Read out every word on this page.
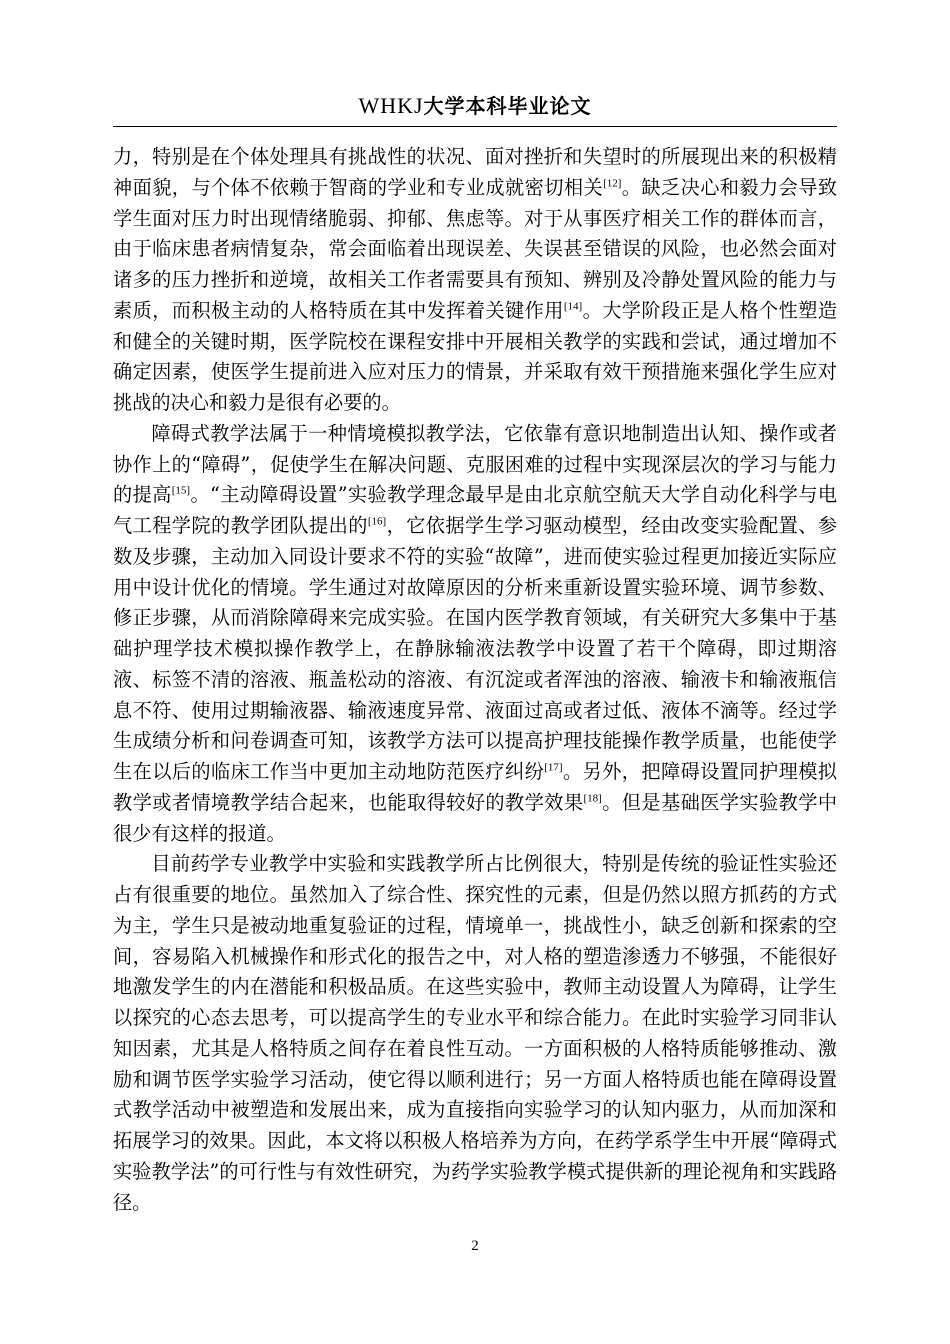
WHKJ大学本科毕业论文

力，特别是在个体处理具有挑战性的状况、面对挫折和失望时的所展现出来的积极精神面貌，与个体不依赖于智商的学业和专业成就密切相关[12]。缺乏决心和毅力会导致学生面对压力时出现情绪脆弱、抑郁、焦虑等。对于从事医疗相关工作的群体而言，由于临床患者病情复杂，常会面临着出现误差、失误甚至错误的风险，也必然会面对诸多的压力挫折和逆境，故相关工作者需要具有预知、辨别及冷静处置风险的能力与素质，而积极主动的人格特质在其中发挥着关键作用[14]。大学阶段正是人格个性塑造和健全的关键时期，医学院校在课程安排中开展相关教学的实践和尝试，通过增加不确定因素，使医学生提前进入应对压力的情景，并采取有效干预措施来强化学生应对挑战的决心和毅力是很有必要的。

障碍式教学法属于一种情境模拟教学法，它依靠有意识地制造出认知、操作或者协作上的“障碍”，促使学生在解决问题、克服困难的过程中实现深层次的学习与能力的提高[15]。“主动障碍设置”实验教学理念最早是由北京航空航天大学自动化科学与电气工程学院的教学团队提出的[16]，它依据学生学习驱动模型，经由改变实验配置、参数及步骤，主动加入同设计要求不符的实验“故障”，进而使实验过程更加接近实际应用中设计优化的情境。学生通过对故障原因的分析来重新设置实验环境、调节参数、修正步骤，从而消除障碍来完成实验。在国内医学教育领域，有关研究大多集中于基础护理学技术模拟操作教学上，在静脉输液法教学中设置了若干个障碍，即过期溶液、标签不清的溶液、瓶盖松动的溶液、有沉淀或者浑浊的溶液、输液卡和输液瓶信息不符、使用过期输液器、输液速度异常、液面过高或者过低、液体不滴等。经过学生成绩分析和问卷调查可知，该教学方法可以提高护理技能操作教学质量，也能使学生在以后的临床工作当中更加主动地防范医疗纠纷[17]。另外，把障碍设置同护理模拟教学或者情境教学结合起来，也能取得较好的教学效果[18]。但是基础医学实验教学中很少有这样的报道。

目前药学专业教学中实验和实践教学所占比例很大，特别是传统的验证性实验还占有很重要的地位。虽然加入了综合性、探究性的元素，但是仍然以照方抓药的方式为主，学生只是被动地重复验证的过程，情境单一，挑战性小，缺乏创新和探索的空间，容易陷入机械操作和形式化的报告之中，对人格的塑造渗透力不够强，不能很好地激发学生的内在潜能和积极品质。在这些实验中，教师主动设置人为障碍，让学生以探究的心态去思考，可以提高学生的专业水平和综合能力。在此时实验学习同非认知因素，尤其是人格特质之间存在着良性互动。一方面积极的人格特质能够推动、激励和调节医学实验学习活动，使它得以顺利进行；另一方面人格特质也能在障碍设置式教学活动中被塑造和发展出来，成为直接指向实验学习的认知内驱力，从而加深和拓展学习的效果。因此，本文将以积极人格培养为方向，在药学系学生中开展“障碍式实验教学法”的可行性与有效性研究，为药学实验教学模式提供新的理论视角和实践路径。

2
